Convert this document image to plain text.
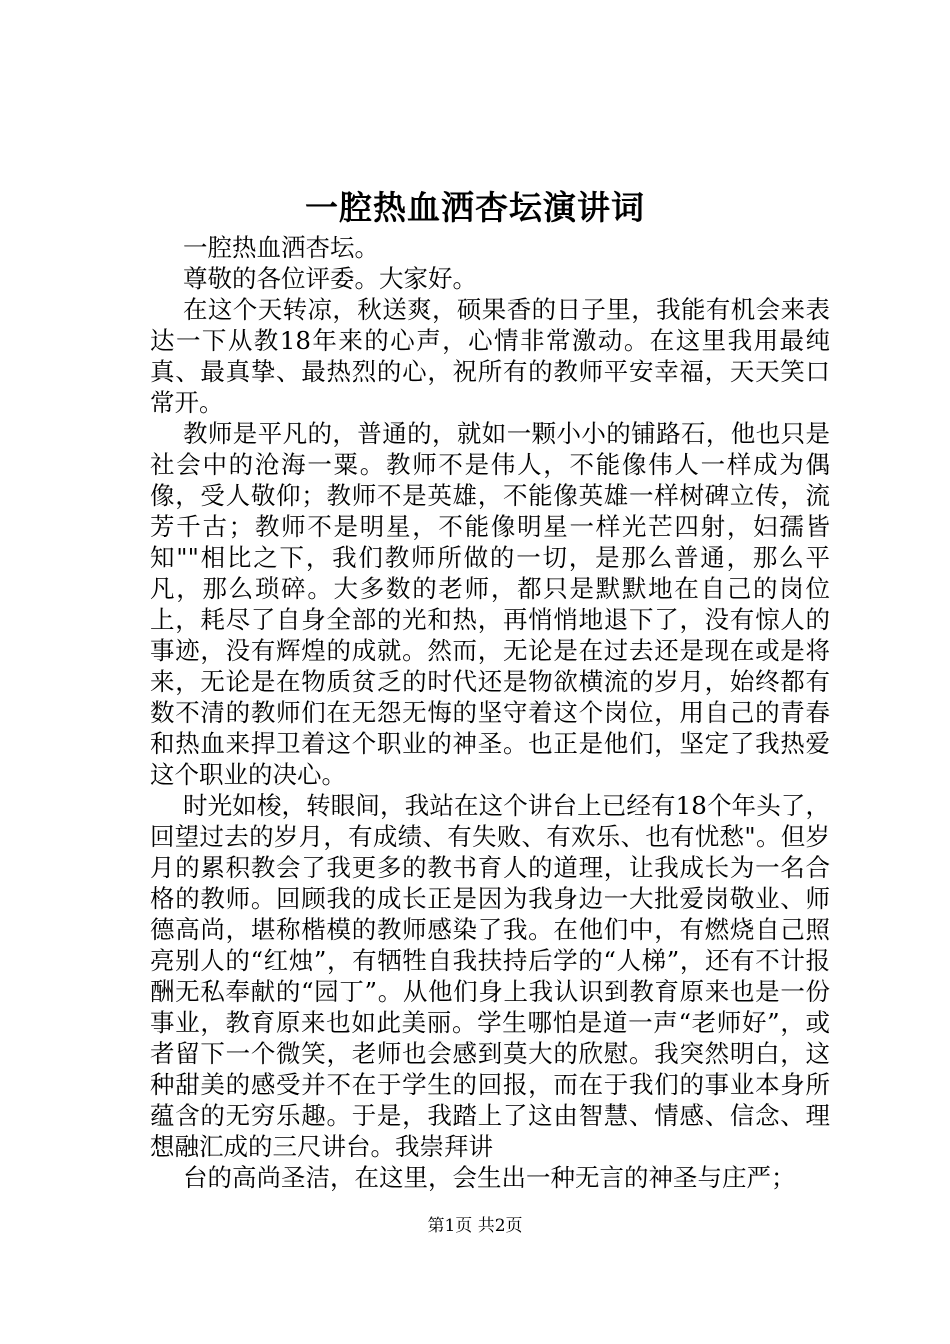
一腔热血洒杏坛演讲词

一腔热血洒杏坛。

尊敬的各位评委。大家好。

在这个天转凉，秋送爽，硕果香的日子里，我能有机会来表达一下从教18年来的心声，心情非常激动。在这里我用最纯真、最真挚、最热烈的心，祝所有的教师平安幸福，天天笑口常开。

教师是平凡的，普通的，就如一颗小小的铺路石，他也只是社会中的沧海一粟。教师不是伟人，不能像伟人一样成为偶像，受人敬仰；教师不是英雄，不能像英雄一样树碑立传，流芳千古；教师不是明星，不能像明星一样光芒四射，妇孺皆知""相比之下，我们教师所做的一切，是那么普通，那么平凡，那么琐碎。大多数的老师，都只是默默地在自己的岗位上，耗尽了自身全部的光和热，再悄悄地退下了，没有惊人的事迹，没有辉煌的成就。然而，无论是在过去还是现在或是将来，无论是在物质贫乏的时代还是物欲横流的岁月，始终都有数不清的教师们在无怨无悔的坚守着这个岗位，用自己的青春和热血来捍卫着这个职业的神圣。也正是他们，坚定了我热爱这个职业的决心。

时光如梭，转眼间，我站在这个讲台上已经有18个年头了，回望过去的岁月，有成绩、有失败、有欢乐、也有忧愁"。但岁月的累积教会了我更多的教书育人的道理，让我成长为一名合格的教师。回顾我的成长正是因为我身边一大批爱岗敬业、师德高尚，堪称楷模的教师感染了我。在他们中，有燃烧自己照亮别人的“红烛”，有牺牲自我扶持后学的“人梯”，还有不计报酬无私奉献的“园丁”。从他们身上我认识到教育原来也是一份事业，教育原来也如此美丽。学生哪怕是道一声“老师好”，或者留下一个微笑，老师也会感到莫大的欣慰。我突然明白，这种甜美的感受并不在于学生的回报，而在于我们的事业本身所蕴含的无穷乐趣。于是，我踏上了这由智慧、情感、信念、理想融汇成的三尺讲台。我崇拜讲

台的高尚圣洁，在这里，会生出一种无言的神圣与庄严；

第1页 共2页
